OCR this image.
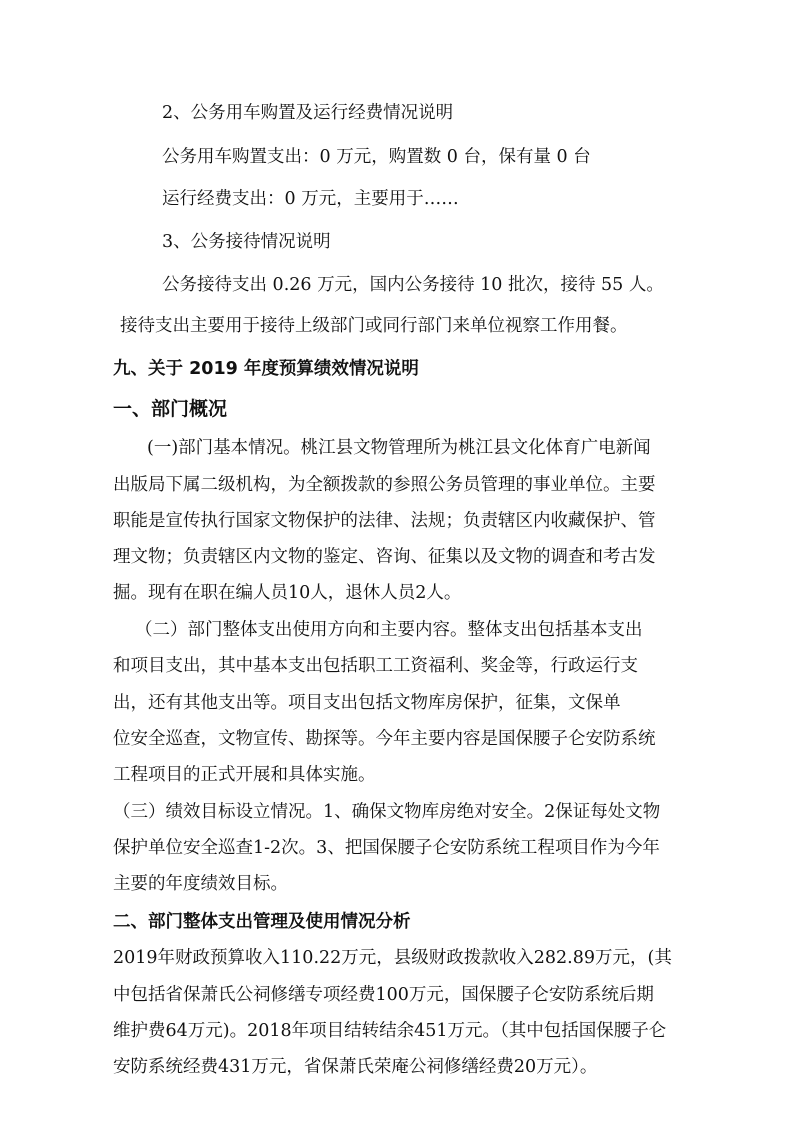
2、公务用车购置及运行经费情况说明
公务用车购置支出：0 万元，购置数 0 台，保有量 0 台
运行经费支出：0 万元，主要用于……
3、公务接待情况说明
公务接待支出 0.26 万元，国内公务接待 10 批次，接待 55 人。
接待支出主要用于接待上级部门或同行部门来单位视察工作用餐。
九、关于 2019 年度预算绩效情况说明
一、部门概况
(一)部门基本情况。桃江县文物管理所为桃江县文化体育广电新闻
出版局下属二级机构，为全额拨款的参照公务员管理的事业单位。主要
职能是宣传执行国家文物保护的法律、法规；负责辖区内收藏保护、管
理文物；负责辖区内文物的鉴定、咨询、征集以及文物的调查和考古发
掘。现有在职在编人员10人，退休人员2人。
（二）部门整体支出使用方向和主要内容。整体支出包括基本支出
和项目支出，其中基本支出包括职工工资福利、奖金等，行政运行支
出，还有其他支出等。项目支出包括文物库房保护，征集，文保单
位安全巡查，文物宣传、勘探等。今年主要内容是国保腰子仑安防系统
工程项目的正式开展和具体实施。
（三）绩效目标设立情况。1、确保文物库房绝对安全。2保证每处文物
保护单位安全巡查1-2次。3、把国保腰子仑安防系统工程项目作为今年
主要的年度绩效目标。
二、部门整体支出管理及使用情况分析
2019年财政预算收入110.22万元，县级财政拨款收入282.89万元，(其
中包括省保萧氏公祠修缮专项经费100万元，国保腰子仑安防系统后期
维护费64万元)。2018年项目结转结余451万元。（其中包括国保腰子仑
安防系统经费431万元，省保萧氏荣庵公祠修缮经费20万元）。
